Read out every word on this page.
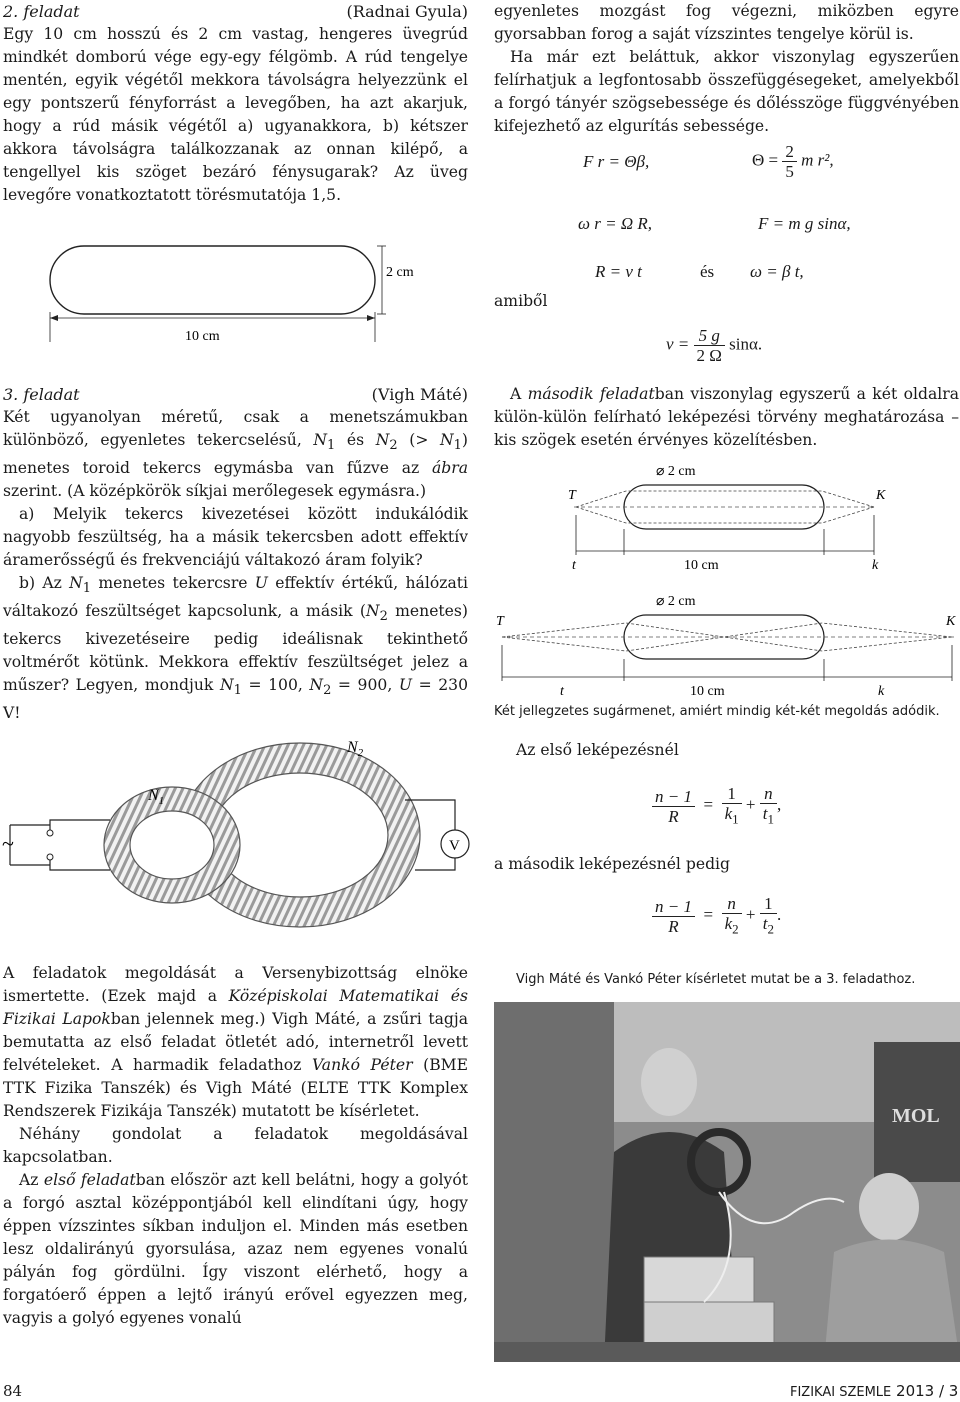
2. feladat	(Radnai Gyula)

Egy 10 cm hosszú és 2 cm vastag, hengeres üvegrúd mindkét domború vége egy-egy félgömb. A rúd tengelye mentén, egyik végétől mekkora távolságra helyezzünk el egy pontszerű fényforrást a levegőben, ha azt akarjuk, hogy a rúd másik végétől a) ugyanakkora, b) kétszer akkora távolságra találkozzanak az onnan kilépő, a tengellyel kis szöget bezáró fénysugarak? Az üveg levegőre vonatkoztatott törésmutatója 1,5.

2 cm
10 cm
3. feladat	(Vigh Máté)

Két ugyanolyan méretű, csak a menetszámukban különböző, egyenletes tekercselésű, $N_1$ és $N_2$ (> $N_1$) menetes toroid tekercs egymásba van fűzve az ábra szerint. (A középkörök síkjai merőlegesek egymásra.)

a) Melyik tekercs kivezetései között indukálódik nagyobb feszültség, ha a másik tekercsben adott effektív áramerősségű és frekvenciájú váltakozó áram folyik?

b) Az $N_1$ menetes tekercsre U effektív értékű, hálózati váltakozó feszültséget kapcsolunk, a másik ($N_2$ menetes) tekercs kivezetéseire pedig ideálisnak tekinthető voltmérőt kötünk. Mekkora effektív feszültséget jelez a műszer? Legyen, mondjuk $N_1 = 100$, $N_2 = 900$, U = 230 V!

~	V
$N_1$
$N_2$

A feladatok megoldását a Versenybizottság elnöke ismertette. (Ezek majd a Középiskolai Matematikai és Fizikai Lapokban jelennek meg.) Vigh Máté, a zsűri tagja bemutatta az első feladat ötletét adó, internetről levett felvételeket. A harmadik feladathoz Vankó Péter (BME TTK Fizika Tanszék) és Vigh Máté (ELTE TTK Komplex Rendszerek Fizikája Tanszék) mutatott be kísérletet.

Néhány gondolat a feladatok megoldásával kapcsolatban.

Az első feladatban először azt kell belátni, hogy a golyót a forgó asztal középpontjából kell elindítani úgy, hogy éppen vízszintes síkban induljon el. Minden más esetben lesz oldalirányú gyorsulása, azaz nem egyenes vonalú pályán fog gördülni. Így viszont elérhető, hogy a forgatóerő éppen a lejtő irányú erővel egyezzen meg, vagyis a golyó egyenes vonalú

egyenletes mozgást fog végezni, miközben egyre gyorsabban forog a saját vízszintes tengelye körül is.

Ha már ezt beláttuk, akkor viszonylag egyszerűen felírhatjuk a legfontosabb összefüggésegeket, amelyekből a forgó tányér szögsebessége és dőlésszöge függvényében kifejezhető az elgurítás sebessége.

F r = Θβ,	$\Theta = \frac{2}{5}$ m r²,
ω r = Ω R,	F = m g sinα,
R = v t	és ω = β t,
amiből
$v = \frac{5 g}{2 \Omega} \sin\alpha$.

A második feladatban viszonylag egyszerű a két oldalra külön-külön felírható leképezési törvény meghatározása – kis szögek esetén érvényes közelítésben.

⌀ 2 cm
T	K
t	10 cm	k
⌀ 2 cm
T	K
t	10 cm	k
Két jellegzetes sugármenet, amiért mindig két-két megoldás adódik.
Az első leképezésnél
$\frac{n - 1}{R} = \frac{1}{k_1} + \frac{n}{t_1}$ ,
a második leképezésnél pedig
$\frac{n - 1}{R} = \frac{n}{k_2} + \frac{1}{t_2}$ .
Vigh Máté és Vankó Péter kísérletet mutat be a 3. feladathoz.
MOL
84	FIZIKAI SZEMLE 2013 / 3
